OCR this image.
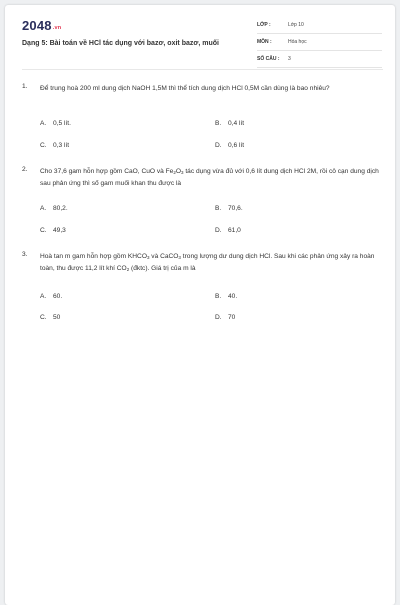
2048.vn
Dạng 5: Bài toán về HCl tác dụng với bazơ, oxit bazơ, muối
LỚP :	Lớp 10
MÔN :	Hóa học
SỐ CÂU : 3
1. Để trung hoà 200 ml dung dịch NaOH 1,5M thì thể tích dung dịch HCl 0,5M cần dùng là bao nhiêu?
A. 0,5 lít.	B. 0,4 lít
C. 0,3 lít	D. 0,6 lít
2. Cho 37,6 gam hỗn hợp gồm CaO, CuO và $Fe_2O_3$ tác dụng vừa đủ với 0,6 lít dung dịch HCl 2M, rồi cô cạn dung dịch sau phản ứng thì số gam muối khan thu được là
A. 80,2.	B. 70,6.
C. 49,3	D. 61,0
3. Hoà tan m gam hỗn hợp gồm $KHCO_3$ và CaCO$_3$ trong lượng dư dung dịch HCl. Sau khi các phản ứng xảy ra hoàn toàn, thu được 11,2 lít khí $CO_2$ (đktc). Giá trị của m là
A. 60.	B. 40.
C. 50	D. 70
